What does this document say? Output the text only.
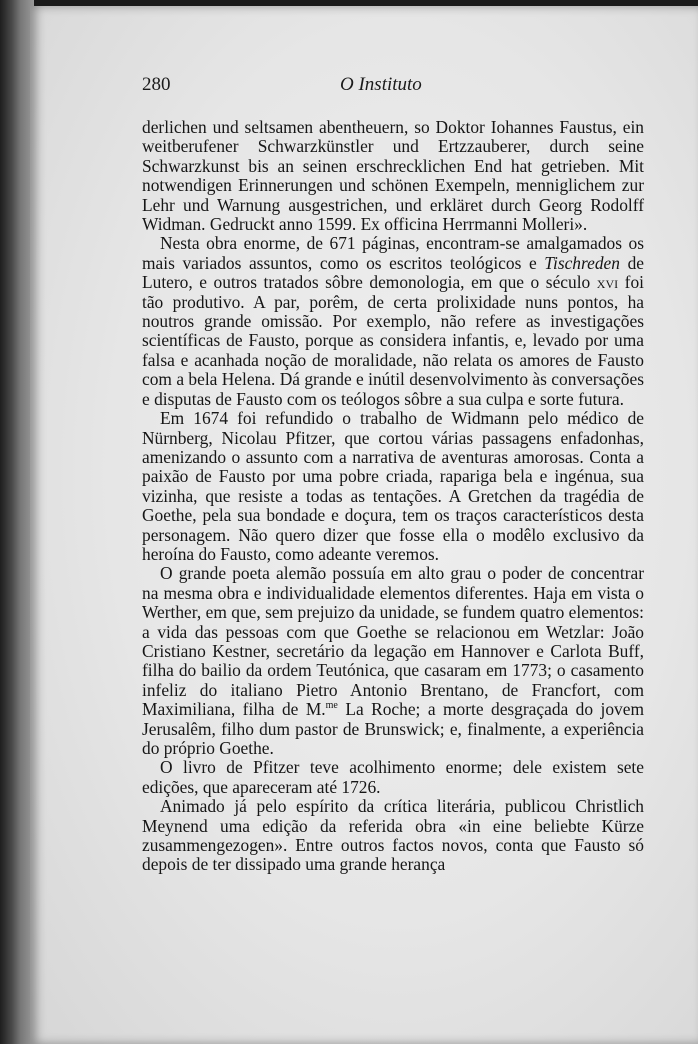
280	O Instituto

derlichen und seltsamen abentheuern, so Doktor Iohannes Faustus, ein weitberufener Schwarzkünstler und Ertzzauberer, durch seine Schwarzkunst bis an seinen erschrecklichen End hat getrieben. Mit notwendigen Erinnerungen und schönen Exempeln, menniglichem zur Lehr und Warnung ausgestrichen, und erkläret durch Georg Rodolff Widman. Gedruckt anno 1599. Ex officina Herrmanni Molleri».

Nesta obra enorme, de 671 páginas, encontram-se amalgamados os mais variados assuntos, como os escritos teológicos e Tischreden de Lutero, e outros tratados sôbre demonologia, em que o século xvi foi tão produtivo. A par, porêm, de certa prolixidade nuns pontos, ha noutros grande omissão. Por exemplo, não refere as investigações scientíficas de Fausto, porque as considera infantis, e, levado por uma falsa e acanhada noção de moralidade, não relata os amores de Fausto com a bela Helena. Dá grande e inútil desenvolvimento às conversações e disputas de Fausto com os teólogos sôbre a sua culpa e sorte futura.

Em 1674 foi refundido o trabalho de Widmann pelo médico de Nürnberg, Nicolau Pfitzer, que cortou várias passagens enfadonhas, amenizando o assunto com a narrativa de aventuras amorosas. Conta a paixão de Fausto por uma pobre criada, rapariga bela e ingénua, sua vizinha, que resiste a todas as tentações. A Gretchen da tragédia de Goethe, pela sua bondade e doçura, tem os traços característicos desta personagem. Não quero dizer que fosse ella o modêlo exclusivo da heroína do Fausto, como adeante veremos.

O grande poeta alemão possuía em alto grau o poder de concentrar na mesma obra e individualidade elementos diferentes. Haja em vista o Werther, em que, sem prejuizo da unidade, se fundem quatro elementos: a vida das pessoas com que Goethe se relacionou em Wetzlar: João Cristiano Kestner, secretário da legação em Hannover e Carlota Buff, filha do bailio da ordem Teutónica, que casaram em 1773; o casamento infeliz do italiano Pietro Antonio Brentano, de Francfort, com Maximiliana, filha de M.$^{me}$ La Roche; a morte desgraçada do jovem Jerusalêm, filho dum pastor de Brunswick; e, finalmente, a experiência do próprio Goethe.

O livro de Pfitzer teve acolhimento enorme; dele existem sete edições, que apareceram até 1726.

Animado já pelo espírito da crítica literária, publicou Christlich Meynend uma edição da referida obra «in eine beliebte Kürze zusammengezogen». Entre outros factos novos, conta que Fausto só depois de ter dissipado uma grande herança
